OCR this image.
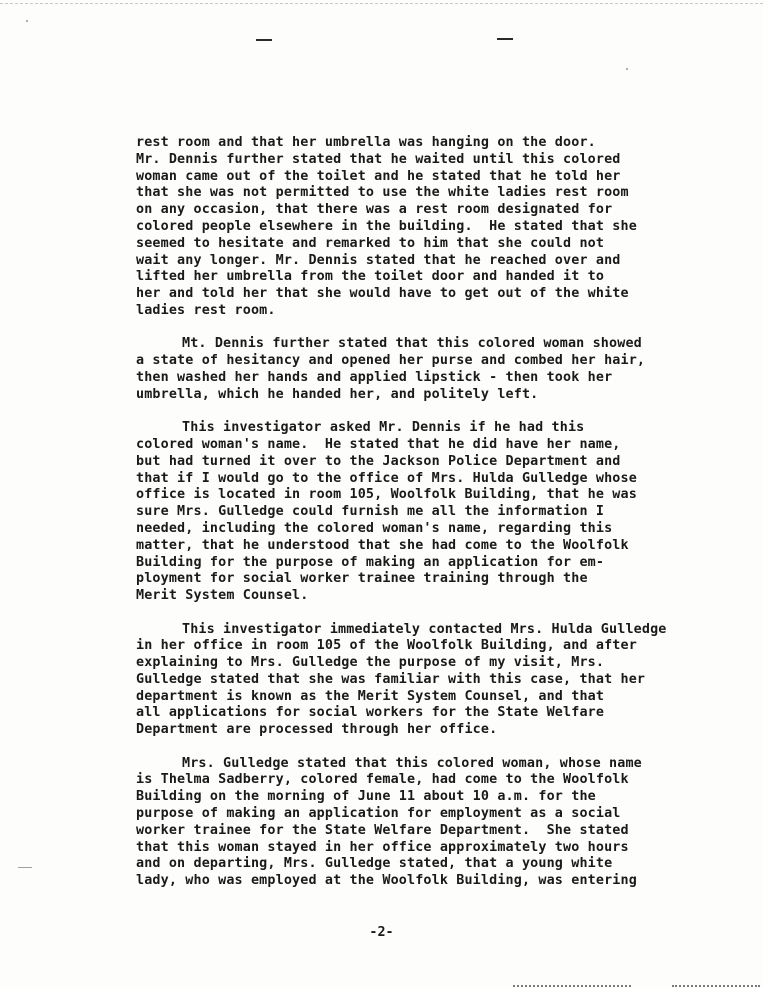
rest room and that her umbrella was hanging on the door.
Mr. Dennis further stated that he waited until this colored
woman came out of the toilet and he stated that he told her
that she was not permitted to use the white ladies rest room
on any occasion, that there was a rest room designated for
colored people elsewhere in the building.  He stated that she
seemed to hesitate and remarked to him that she could not
wait any longer. Mr. Dennis stated that he reached over and
lifted her umbrella from the toilet door and handed it to
her and told her that she would have to get out of the white
ladies rest room.
Mt. Dennis further stated that this colored woman showed
a state of hesitancy and opened her purse and combed her hair,
then washed her hands and applied lipstick - then took her
umbrella, which he handed her, and politely left.
This investigator asked Mr. Dennis if he had this
colored woman's name.  He stated that he did have her name,
but had turned it over to the Jackson Police Department and
that if I would go to the office of Mrs. Hulda Gulledge whose
office is located in room 105, Woolfolk Building, that he was
sure Mrs. Gulledge could furnish me all the information I
needed, including the colored woman's name, regarding this
matter, that he understood that she had come to the Woolfolk
Building for the purpose of making an application for em-
ployment for social worker trainee training through the
Merit System Counsel.
This investigator immediately contacted Mrs. Hulda Gulledge
in her office in room 105 of the Woolfolk Building, and after
explaining to Mrs. Gulledge the purpose of my visit, Mrs.
Gulledge stated that she was familiar with this case, that her
department is known as the Merit System Counsel, and that
all applications for social workers for the State Welfare
Department are processed through her office.
Mrs. Gulledge stated that this colored woman, whose name
is Thelma Sadberry, colored female, had come to the Woolfolk
Building on the morning of June 11 about 10 a.m. for the
purpose of making an application for employment as a social
worker trainee for the State Welfare Department.  She stated
that this woman stayed in her office approximately two hours
and on departing, Mrs. Gulledge stated, that a young white
lady, who was employed at the Woolfolk Building, was entering
-2-
